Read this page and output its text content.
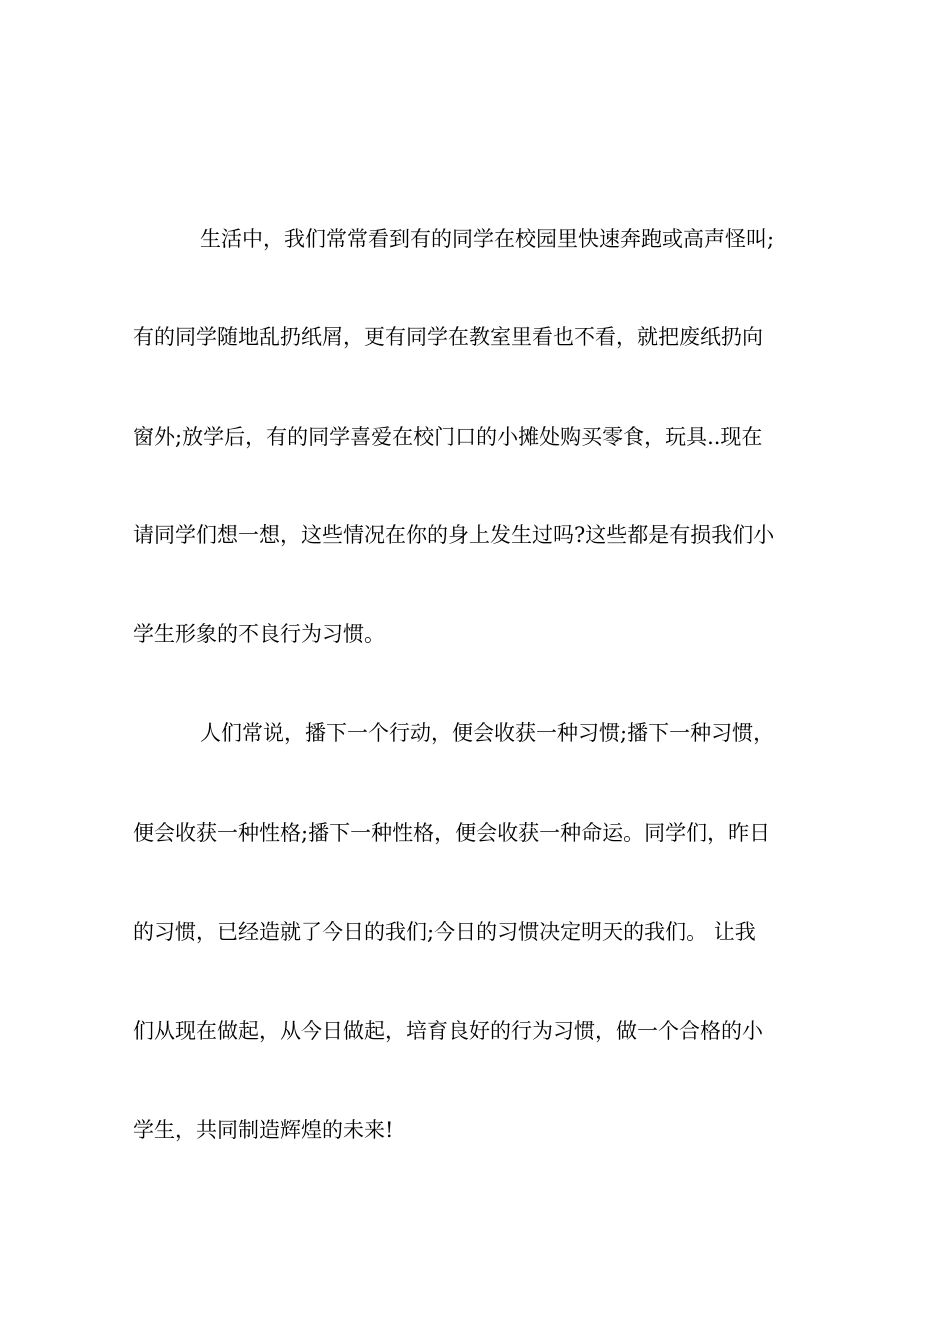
生活中，我们常常看到有的同学在校园里快速奔跑或高声怪叫;
有的同学随地乱扔纸屑，更有同学在教室里看也不看，就把废纸扔向
窗外;放学后，有的同学喜爱在校门口的小摊处购买零食，玩具..现在
请同学们想一想，这些情况在你的身上发生过吗?这些都是有损我们小
学生形象的不良行为习惯。
人们常说，播下一个行动，便会收获一种习惯;播下一种习惯，
便会收获一种性格;播下一种性格，便会收获一种命运。同学们，昨日
的习惯，已经造就了今日的我们;今日的习惯决定明天的我们。 让我
们从现在做起，从今日做起，培育良好的行为习惯，做一个合格的小
学生，共同制造辉煌的未来!
